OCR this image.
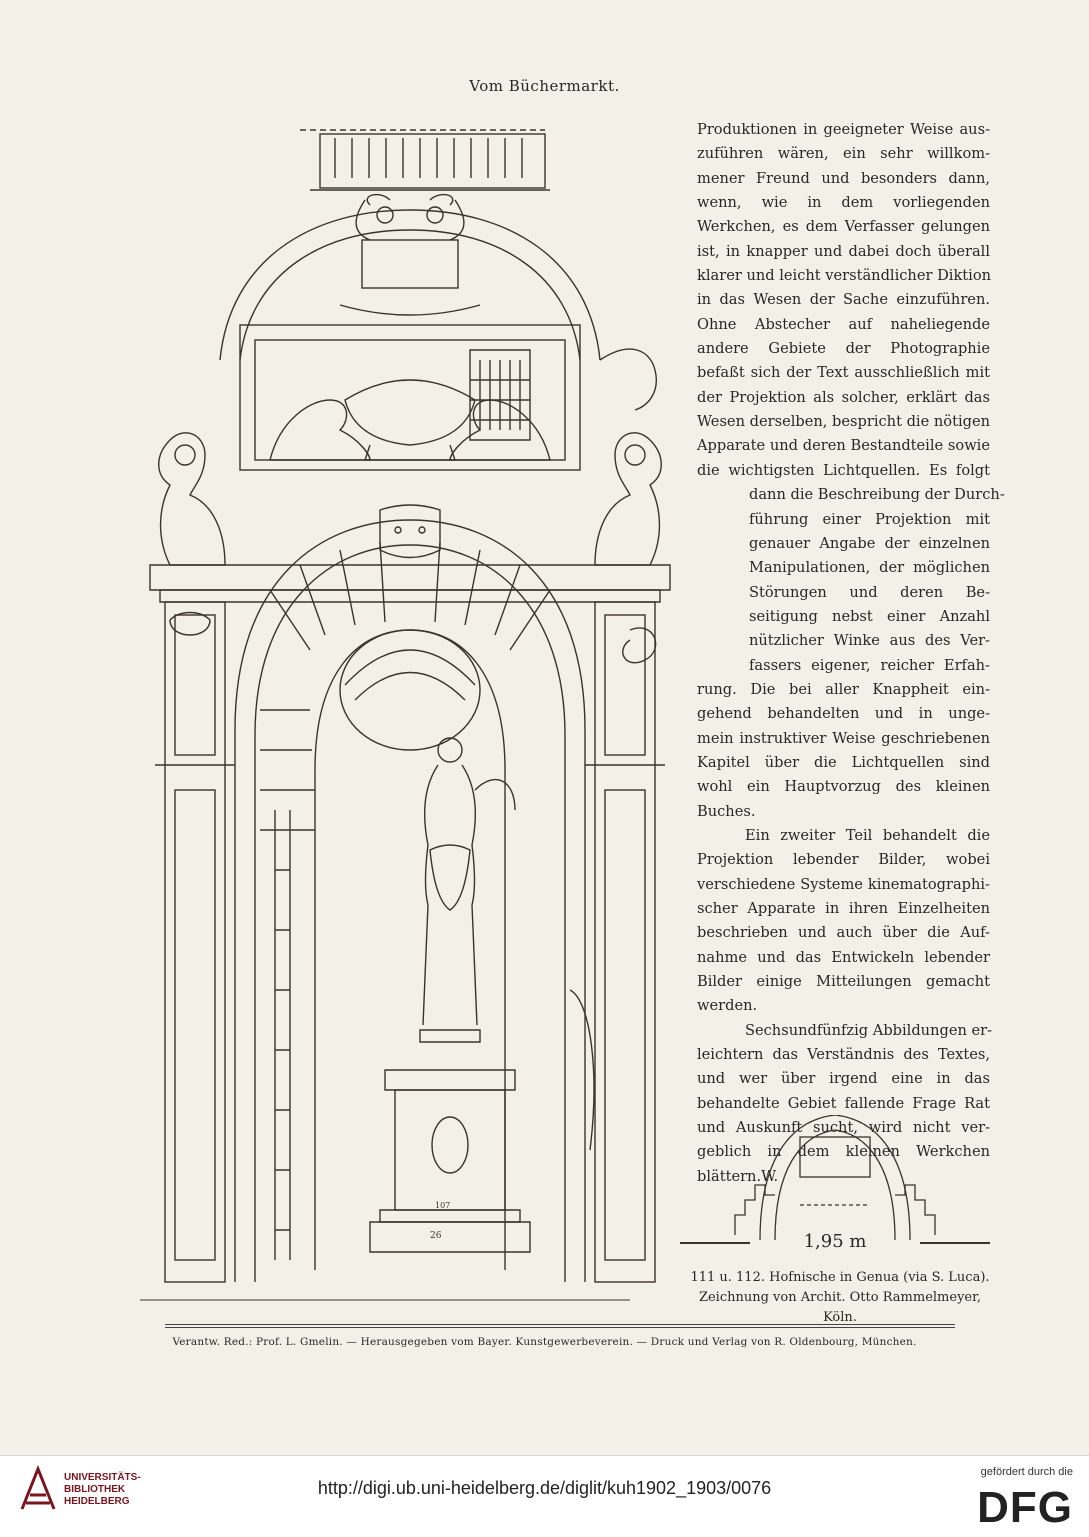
Vom Büchermarkt.
107
26
Produktionen in geeigneter Weise aus-
zuführen wären, ein sehr willkom-
mener Freund und besonders dann,
wenn, wie in dem vorliegenden
Werkchen, es dem Verfasser gelungen
ist, in knapper und dabei doch überall
klarer und leicht verständlicher Diktion
in das Wesen der Sache einzuführen.
Ohne Abstecher auf naheliegende
andere Gebiete der Photographie
befaßt sich der Text ausschließlich mit
der Projektion als solcher, erklärt das
Wesen derselben, bespricht die nötigen
Apparate und deren Bestandteile sowie
die wichtigsten Lichtquellen. Es folgt
dann die Beschreibung der Durch-
führung einer Projektion mit
genauer Angabe der einzelnen
Manipulationen, der möglichen
Störungen und deren Be-
seitigung nebst einer Anzahl
nützlicher Winke aus des Ver-
fassers eigener, reicher Erfah-
rung. Die bei aller Knappheit ein-
gehend behandelten und in unge-
mein instruktiver Weise geschriebenen
Kapitel über die Lichtquellen sind
wohl ein Hauptvorzug des kleinen
Buches.
Ein zweiter Teil behandelt die
Projektion lebender Bilder, wobei
verschiedene Systeme kinematographi-
scher Apparate in ihren Einzelheiten
beschrieben und auch über die Auf-
nahme und das Entwickeln lebender
Bilder einige Mitteilungen gemacht
werden.
Sechsundfünfzig Abbildungen er-
leichtern das Verständnis des Textes,
und wer über irgend eine in das
behandelte Gebiet fallende Frage Rat
und Auskunft sucht, wird nicht ver-
geblich in dem kleinen Werkchen
blättern.W.
1,95 m
111 u. 112. Hofnische in Genua (via S. Luca).
Zeichnung von Archit. Otto Rammelmeyer,
Köln.
Verantw. Red.: Prof. L. Gmelin. — Herausgegeben vom Bayer. Kunstgewerbeverein. — Druck und Verlag von R. Oldenbourg, München.
UNIVERSITÄTS-
BIBLIOTHEK
HEIDELBERG
http://digi.ub.uni-heidelberg.de/diglit/kuh1902_1903/0076
gefördert durch die
DFG
